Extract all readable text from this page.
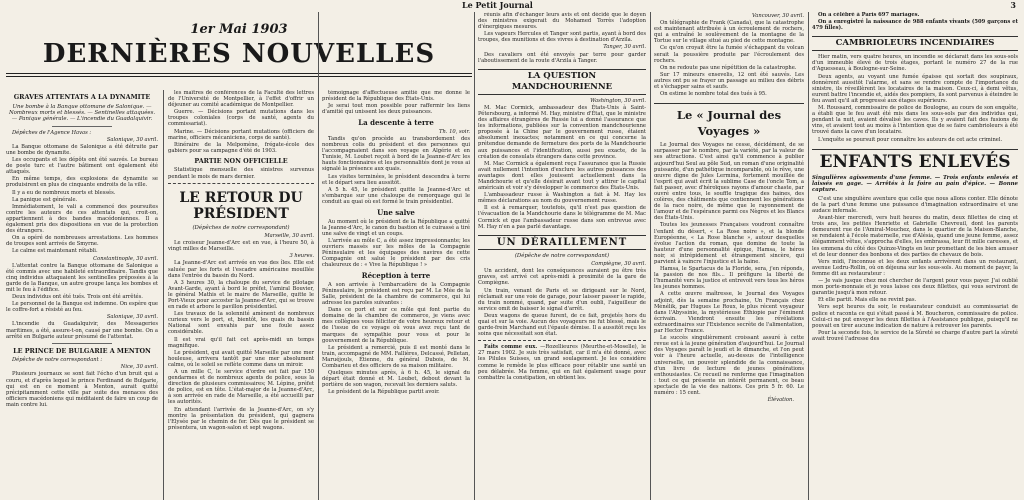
Le Petit Journal	3
1er Mai 1903
DERNIÈRES NOUVELLES
GRAVES ATTENTATS A LA DYNAMITE
Une bombe à la Banque ottomane de Salonique. — Nombreux morts et blessés. — Sentinelles attaquées. — Panique générale. — L'incendie du Guadalquivir.

Dépêches de l'Agence Havas :

Salonique, 30 avril.

La Banque ottomane de Salonique a été détruite par une bombe de dynamite.

Les occupants et les dépôts ont été sauvés. Le bureau de poste turc et l'autre bâtiment ont également été attaqués.

En même temps, des explosions de dynamite se produisirent en plus de cinquante endroits de la ville.

Il y a eu de nombreux morts et blessés.

La panique est générale.

Immédiatement, le vali a commencé des poursuites contre les auteurs de ces attentats qui, croit-on, appartiennent à des bandes macédoniennes. Il a également pris des dispositions en vue de la protection des étrangers.

On a opéré de nombreuses arrestations. Les hommes de troupes sont arrivés de Smyrne.

Le calme est maintenant rétabli.

Constantinople, 30 avril.

L'attentat contre la Banque ottomane de Salonique a été commis avec une habileté extraordinaire. Tandis que cinq individus attaquaient les sentinelles préposées à la garde de la Banque, un autre groupe lança les bombes et mit le feu à l'édifice.

Deux individus ont été tués. Trois ont été arrêtés.

Le personnel de la Banque est indemne. On espère que le coffre-fort a résisté au feu.

Salonique, 30 avril.

L'incendie du Guadalquivir, des Messageries maritimes, a été, assure-t-on, causé par une bombe. On a arrêté en Bulgarie auteur présumé de l'attentat.

LE PRINCE DE BULGARIE A MENTON

Dépêche de notre correspondant :

Nice, 30 avril.

Plusieurs journaux se sont fait l'écho d'un bruit qui a couru, et d'après lequel le prince Ferdinand de Bulgarie, qui est en ce moment à Menton, aurait quitté précipitamment cette ville par suite des menaces des officiers macédoniens qui méditaient de faire un coup de main contre lui.

les maîtres de conférences de la Faculté des lettres de l'Université de Montpellier, à l'effet d'offrir un déjeuner au comité académique de Montpellier.

Guerre. — Décisions portant mutations dans les troupes coloniales (corps de santé, agents du commissariat).

Marine. — Décisions portant mutations (officiers de marine, officiers mécaniciens, corps de santé).

Itinéraire de la Melpomène, frégate-école des gabiers pour sa campagne d'été de 1903.

PARTIE NON OFFICIELLE

Statistique mensuelle des sinistres survenus pendant le mois de mars dernier.

LE RETOUR DU PRÉSIDENT
(Dépêches de notre correspondant)
Marseille, 30 avril.

Le croiseur Jeanne-d'Arc est en vue, à l'heure 50, à vingt milles de Marseille.

3 heures.

La Jeanne-d'Arc est arrivée en vue des îles. Elle est saluée par les forts et l'escadre américaine mouillée dans l'entrée du bassin du Nord.

A 3 heures 30, la chaloupe du service de pilotage Avant-Garde, ayant à bord le préfet, l'amiral Bouvier, le général Mathis et le maire de Marseille, quitte le Port-Vieux pour accoster la Jeanne-d'Arc, qui se trouve en rade et arbore le pavillon présidentiel.

Les travaux de la solennité amènent de nombreux curieux vers le port, et, bientôt, les quais du bassin National sont envahis par une foule assez considérable.

Il est vrai qu'il fait cet après-midi un temps magnifique.

Le président, qui avait quitté Marseille par une mer houleuse, arrivera tantôt par une mer absolument calme, où le soleil se reflète comme dans un miroir.

A un mille C, le service d'ordre est fait par 150 gendarmes et de nombreux agents de police, sous la direction de plusieurs commissaires; M. Lépine, préfet de police, est en tête. L'état-major de la Jeanne-d'Arc, à son arrivée en rade de Marseille, a été accueilli par les autorités.

En attendant l'arrivée de la Jeanne-d'Arc, on s'y montre la présentation du président, qui gagnera l'Elysée par le chemin de fer. Dès que le président se présentera, un wagon-salon et sept wagons.

témoignage d'affectueuse amitié que me donne le président de la République des États-Unis.

Je serai tout mon possible pour raffermir les liens d'amitié qui unissent les deux puissances.

La descente à terre
Th. 10, soir.

Tandis qu'on procède au transbordement des nombreux colis du président et des personnes qui l'accompagnaient dans son voyage en Algérie et en Tunisie, M. Loubet reçoit à bord de la Jeanne-d'Arc les hauts fonctionnaires et les personnalités dont je vous ai signalé la présence aux quais.

Les visites terminées, le président descendra à terre et le départ sera lieu aussitôt.

A 5 h. 45, le président quitte la Jeanne-d'Arc et s'embarque sur une chaloupe de remorquage qui le conduit au quai où est formé le train présidentiel.

Une salve

Au moment où le président de la République a quitté la Jeanne-d'Arc, le canon du bastion et le cuirassé a tiré une salve de vingt et un coups.

L'arrivée au môle C, a été assez impressionnante; les ouvriers massés sur les môles de la Compagnie Péninsulaire et les équipages des navires de cette Compagnie ont salué le président par des cris chaleureux de : « Vive la République ! »

Réception à terre

A son arrivée à l'embarcadère de la Compagnie Péninsulaire, le président est reçu par M. Le Mée de la Salle, président de la chambre de commerce, qui lui adresse les paroles suivantes :

Dans ce port et sur ce môle qui font partie du domaine de la chambre de commerce, je viens avec mes collègues vous féliciter de votre heureux retour et de l'issue de ce voyage où vous avez reçu tant de marques de sympathie pour vous et pour le gouvernement de la République.

Le président a remercié, puis il est monté dans le train, accompagné de MM. Fallières, Delcassé, Pelletan, Maruéjouls, Étienne, du général Dubois, de M. Combarieu et des officiers de sa maison militaire.

Quelques minutes après, à 6 h. 45, le signal du départ était donné et M. Loubet, debout devant la portière de son wagon, recevait les derniers saluts.

Le président de la République partit avoir.

réunis afin d'échanger leurs avis et ont décidé que le doyen des ministres exigerait du Mohamed Torrès l'adoption d'énergiques mesures.

Les vapeurs Hercules et Tanger sont partis, ayant à bord des troupes, des munitions et des vivres à destination d'Arzila.

Tanger, 30 avril.

Des cavaliers ont été envoyés par terre pour garder l'aboutissement de la route d'Arzila à Tanger.

LA QUESTION MANDCHOURIENNE
Washington, 30 avril.

M. Mac Cormick, ambassadeur des États-Unis à Saint-Pétersbourg, a informé M. Hay, ministre d'État, que le ministre des affaires étrangères de Russie lui a donné l'assurance que les informations, publiées sur la convention mandchourienne proposée à la Chine par le gouvernement russe, étaient absolument inexactes; notamment en ce qui concerne la prétendue demande de fermeture des ports de la Mandchourie aux puissances et l'identification, aussi peu exacte, de la création de consulats étrangers dans cette province.

M. Mac Cormick a également reçu l'assurance que la Russie avait nullement l'intention d'exclure les autres puissances des avantages dont elles jouissent actuellement dans la Mandchourie et qu'elle désirait avant tout y attirer le capital américain et voir s'y développer le commerce des États-Unis.

L'ambassadeur russe à Washington a fait à M. Hay les mêmes déclarations au nom du gouvernement russe.

Il est à remarquer, toutefois, qu'il n'est pas question de l'évacuation de la Mandchourie dans le télégramme de M. Mac Cormick et que l'ambassadeur russe dans son entrevue avec M. Hay n'en a pas parlé davantage.

UN DÉRAILLEMENT
(Dépêche de notre correspondant)
Compiègne, 30 avril.

Un accident, dont les conséquences auraient pu être très graves, est arrivé cet après-midi à proximité de la gare de Compiègne.

Un train, venant de Paris et se dirigeant sur le Nord, réclamait sur une voie de garage, pour laisser passer le rapide, du train nommé, quand, par suite d'un oubli, l'aiguilleur de service omit de baisser le signal d'arrêt.

Deux wagons de queue furent, de ce fait, projetés hors du quai et sur la voie. Aucun des voyageurs ne fut blessé, mais le garde-frein Marchand eut l'épaule démise. Il a aussitôt reçu les soins que nécessitait son état.

Faits comme eux. —Rozellieures (Meurthe-et-Moselle), le 27 mars 1902. Je suis très satisfait, car il m'a été donné, avec les Pilules Suisses, un grand soulagement. Je les considère comme le remède le plus efficace pour rétablir une santé un peu délabrée. Ma femme, qui en fait également usage pour combattre la constipation, en obtient les.

Vancouver, 30 avril.

On télégraphie de Frank (Canada), que la catastrophe est maintenant attribuée à un écroulement de rochers, qui a entraîné le soulèvement de la montagne de la Tortue sur le village situé au pied de cette montagne.

Ce qu'on croyait être la fumée s'échappant du volcan serait la poussière produite par l'écroulement des rochers.

On ne redoute pas une répétition de la catastrophe.

Sur 17 mineurs ensevelis, 12 ont été sauvés. Les autres ont pu se frayer un passage au milieu des débris et s'échapper sains et saufs.

On estime le nombre total des tués à 95.

Le « Journal des Voyages »

Le Journal des Voyages ne cesse, décidément, de se surpasser par le nombre, par la variété, par la valeur de ses attractions. C'est ainsi qu'il commence à publier aujourd'hui Seul au pôle Sud, un roman d'une originalité puissante, d'un pathétique incomparable, où le rêve, une œuvre digne de Jules Lermina, fortement mouillée de l'esprit qui avait écrit la sublime Case de l'oncle Tom, a fait passer, avec d'héroïques rayons d'amour chaste, par ouvré entre tous, le souffle tragique des haines, des colères, des châtiments que contiennent les générations de la race noire, de même que le rayonnement de l'amour et de l'espérance parmi ces Nègres et les Blancs des États-Unis.

Toutes les jeunesses Françaises voudront connaître l'enfant du désert, « La Rose noire », et la blonde Européenne, « La Rose blanche », autour desquelles évolue l'action du roman, que domine de toute la hauteur d'une personnalité épique, Hamsa, le héros noir, si intrépidement et étrangement sincère, qui parvient à vaincre l'injustice et la haine.

Hamsa, le Spartacus de la Floride, sera, j'en réponds, la passion de nos fils... Il préfigure la liberté de l'humanité vers la justice et entrevoit vers tous les héros les jeunes hommes.

A cette œuvre maîtresse, le Journal des Voyages adjoint, dès la semaine prochaine, Un Français chez Ménélik, par Hugues Le Roux, le plus récent voyageur dans l'Abyssinie, la mystérieuse Éthiopie par l'éminent écrivain. Viendront ensuite les révélations extraordinaires sur l'Existence secrète de l'alimentation, par Hector France.

Le succès singulièrement croissant assuré à cette revue est à la jeune génération d'aujourd'hui. Le Journal des Voyages paraît le jeudi et le dimanche, et l'on peut voir à l'heure actuelle, au-dessus de l'intelligence universelle, un pouvoir splendide de la connaissance, d'un livre de lecture de jeunes générations enthousiastes. Ce recueil ne renferme que l'imagination : tout ce qui présente un intérêt permanent, ce beau spectacle de la vie des nations. Ces prix 5 fr. 60. Le numéro : 15 cent.

Élévation.

On a célébré à Paris 697 mariages.

On a enregistré la naissance de 988 enfants vivants (509 garçons et 479 filles).

CAMBRIOLEURS INCENDIAIRES

Hier matin, vers quatre heures, un incendie se déclarait dans les sous-sols d'un immeuble élevé de trois étages, portant le numéro 27 de la rue d'Aguesseau, à Boulogne-sur-Seine.

Deux agents, au voyant une fumée épaisse qui sortait des soupiraux, donnèrent aussitôt l'alarme, et sans se rendre compte de l'importance du sinistre, ils réveillèrent les locataires de la maison. Ceux-ci, à demi vêtus, eurent battre l'incendie et, aidés des pompiers, ils sont parvenus à éteindre le feu avant qu'il ait progressé aux étages supérieurs.

M. Roussard, commissaire de police de Boulogne, au cours de son enquête, a établi que le feu avait été mis dans les sous-sols par des individus qui, pendant la nuit, avaient dévalisé les caves. Ils y avaient fait des fusions de vins, et avaient tout au moins à l'intention que de se faire cambrioleurs à été trouvé dans la cave d'un locataire.

L'enquête se poursuit pour connaître les auteurs de cet acte criminel.

ENFANTS ENLEVÉS
Singulières agissements d'une femme. — Trois enfants enlevés et laissés en gage. — Arrêtés à la foire au pain d'épice. — Bonne capture.

C'est une singulière aventure que celle que nous allons conter. Elle dénote de la part d'une femme une puissance d'imagination extraordinaire et une audace infernale.

Avant-hier mercredi, vers huit heures du matin, deux fillettes de cinq et trois ans, les petites Henriette et Gabrielle Chevreuil, dont les parents demeurent rue de l'Amiral-Mouchez, dans le quartier de la Maison-Blanche, se rendaient à l'école maternelle, rue d'Alésia, quand une jeune femme, assez élégamment vêtue, s'approcha d'elles, les embrassa, leur fit mille caresses, et les emmena du côté des Quinze-Vingts en leur promettant de les bien amuser et de leur donner des bonbons et des parties de chevaux de bois.

Vers midi, l'inconnue et les deux enfants arrivèrent dans un restaurant, avenue Ledru-Rollin, où on déjeuna sur les sous-sols. Au moment de payer, la femme dit au restaurateur :

— Je vais jusque chez moi chercher de l'argent pour vous payer. J'ai oublié mon porte-monnaie et je vous laisse ces deux fillettes, qui vous serviront de garantie jusqu'à mon retour.

Et elle partit. Mais elle ne revint pas.

Vers sept heures du soir, le restaurateur conduisit au commissariat de police et raconta ce qui s'était passé à M. Boucheron, commissaire de police. Celui-ci ne put envoyer les deux fillettes à l'Assistance publique, puisqu'il ne pouvait en tirer aucune indication de nature à retrouver les parents.

Pour la seconde fois, le service de la Sûreté se charge d'autre part la sûreté avait trouvé l'adresse des
